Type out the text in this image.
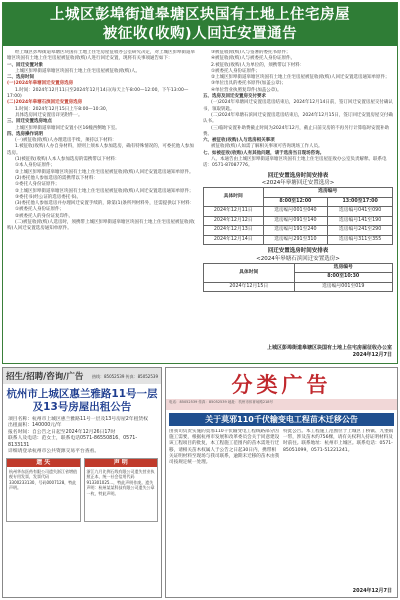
上城区彭埠街道皋塘区块国有土地上住宅房屋
被征收(收购)人回迁安置通告

经上城区彭埠街道皋塘区块国有土地上住宅房屋征收办公室研究决定，对上城区彭埠街道皋塘区块国有土地上住宅房屋被征收(收购)人进行回迁安置，现将有关事项通告如下：

一、回迁安置对象

上城区彭埠街道皋塘区块国有土地上住宅房屋被征收(收购)人。

二、选房时间

(一)2024年皋塘回迁安置房选房

1.时间：2024年12月11日至2024年12月14日(每天上午8:00—12:00，下午13:00—17:00)

(二)2024年皋塘石滨回迁安置房选房

1.时间：2024年12月15日上午8:00—10:30，

具体选房回迁安置房详见附件一。

三、回迁安置选房地点

上城区彭埠街道皋塘回迁安置小区16幢西侧地下室。

四、选房操作说明

(一)被征收(收购)人办理选房手续，须持以下材料：

1.被征收(收购)人办自身材料，原则上须本人参加选房，确有特殊情况的，可委托他人参加选房。

(1)被征收(收购)人本人参加选房的需携带以下材料：

①本人身份证原件；

②上城区彭埠街道皋塘区块国有土地上住宅房屋被征收(收购)人回迁安置选房通知单原件。

(2)委托他人参加选房的需携带以下材料：

①委托人身份证原件；

②上城区彭埠街道皋塘区块国有土地上住宅房屋被征收(收购)人回迁安置选房通知单原件；

③委托书(经公证的选房委托书)。

(3)委托他人参加选房并办理回迁安置手续的，除第(1)条所列材料外，还需提供以下材料：

①被委托人身份证原件；

②被委托人的身份证复印件。

(二)被征收(收购)人选房时，须携带上城区彭埠街道皋塘区块国有土地上住宅房屋被征收(收购)人回迁安置选房通知单原件。

③被征收(收购)人与签署的委托书原件；

④被征收(收购)人与被委托人身份证原件。

2.被征收(收购)人为单位的，须携带以下材料：

①被委托人身份证原件；

②上城区彭埠街道皋塘区块国有土地上住宅房屋被征收(收购)人回迁安置选房通知单原件；

③单位出具的委托书原件(加盖公章)；

④单位营业执照复印件(加盖公章)。

五、选房及回迁安置房交付要求

(一)2024年皋塘回迁安置房选房结束后，2024年12月14日前，签订回迁安置房屋交付确认书，领取钥匙。

(二)2024年皋塘石滨回迁安置房选房结束后，2024年12月15日，签订回迁安置房屋交付确认书。

(三)临时安置补助费截止时间为2024年12月，截止日前交房的不再另行计算临时安置补助费。

六、被征收(收购)人与选房相关事项

被征收(收购)人如需了解相关事项可咨询现场工作人员。

七、如被征收(收购)人有其他问题，请于选房当日现场咨询。

八、本通告由上城区彭埠街道皋塘区块国有土地上住宅房屋征收办公室负责解释。联系电话：0571-87087776。

回迁安置选房时间安排表
<2024年皋塘回迁安置选房>
具体时间	选房编号	
	8:00至12:00	13:00至17:00
2024年12月11日	选房编号001至040	选房编号041至090
2024年12月12日	选房编号091至140	选房编号141至190
2024年12月13日	选房编号191至240	选房编号241至290
2024年12月14日	选房编号291至310	选房编号311至355
回迁安置选房时间安排表
<2024年皋塘石滨回迁安置选房>
具体时间	选房编号
	8:00至10:30
2024年12月15日	选房编号001至019
上城区彭埠街道皋塘区块国有土地上住宅房屋征收办公室
2024年12月7日
招生/招聘/咨询/广告 热线：85052539 传真：85052539
杭州市上城区惠兰雅路11号一层
及13号房屋出租公告
项目名称：杭州市上城区惠兰雅路11号一层及13号房屋2年租赁权
出租面积：140000元/年
报名时间：自公告之日起至2024年12月26日17时
联系人及电话：范女士，联系电话0571-86550816、0571-8133131
详细请登录杭州市公共资源交易平台查看。
遗 失
杭州华东医药有限公司遗失浙江省增值税专用发票，发票代码3300233130，号码0007128，特此声明。
声 明
浙江九月比例石线有限公司遗失营业执照正本，统一社会信用代码913301025...，特此声明作废。遗失声明：杭州某某科技有限公司遗失公章一枚，特此声明。
分类广告
电话：85052539 传真：85052539 地址：杭州市体育场路218号
关于莫邪110千伏输变电工程苗木迁移公告
由我司负责实施的莫邪110千伏输变电工程线路部分因施工需要，根据杭州市发展和改革委员会关于同意建设该工程项目的批复，本工程施工范围内的苗木需进行迁移，请相关苗木权属人于公告之日起30日内，携带相关证明材料至现场与我司联系，逾期未迁移的苗木由我司按规定统一处理。
特此公告。本工程施工范围位于上城区丁桥镇、九堡镇一带，涉及苗木约756棵，请有关权利人持证明材料及时前往。联系地址：杭州市上城区。联系电话：0571-85051099，0571-51221241。
2024年12月7日
